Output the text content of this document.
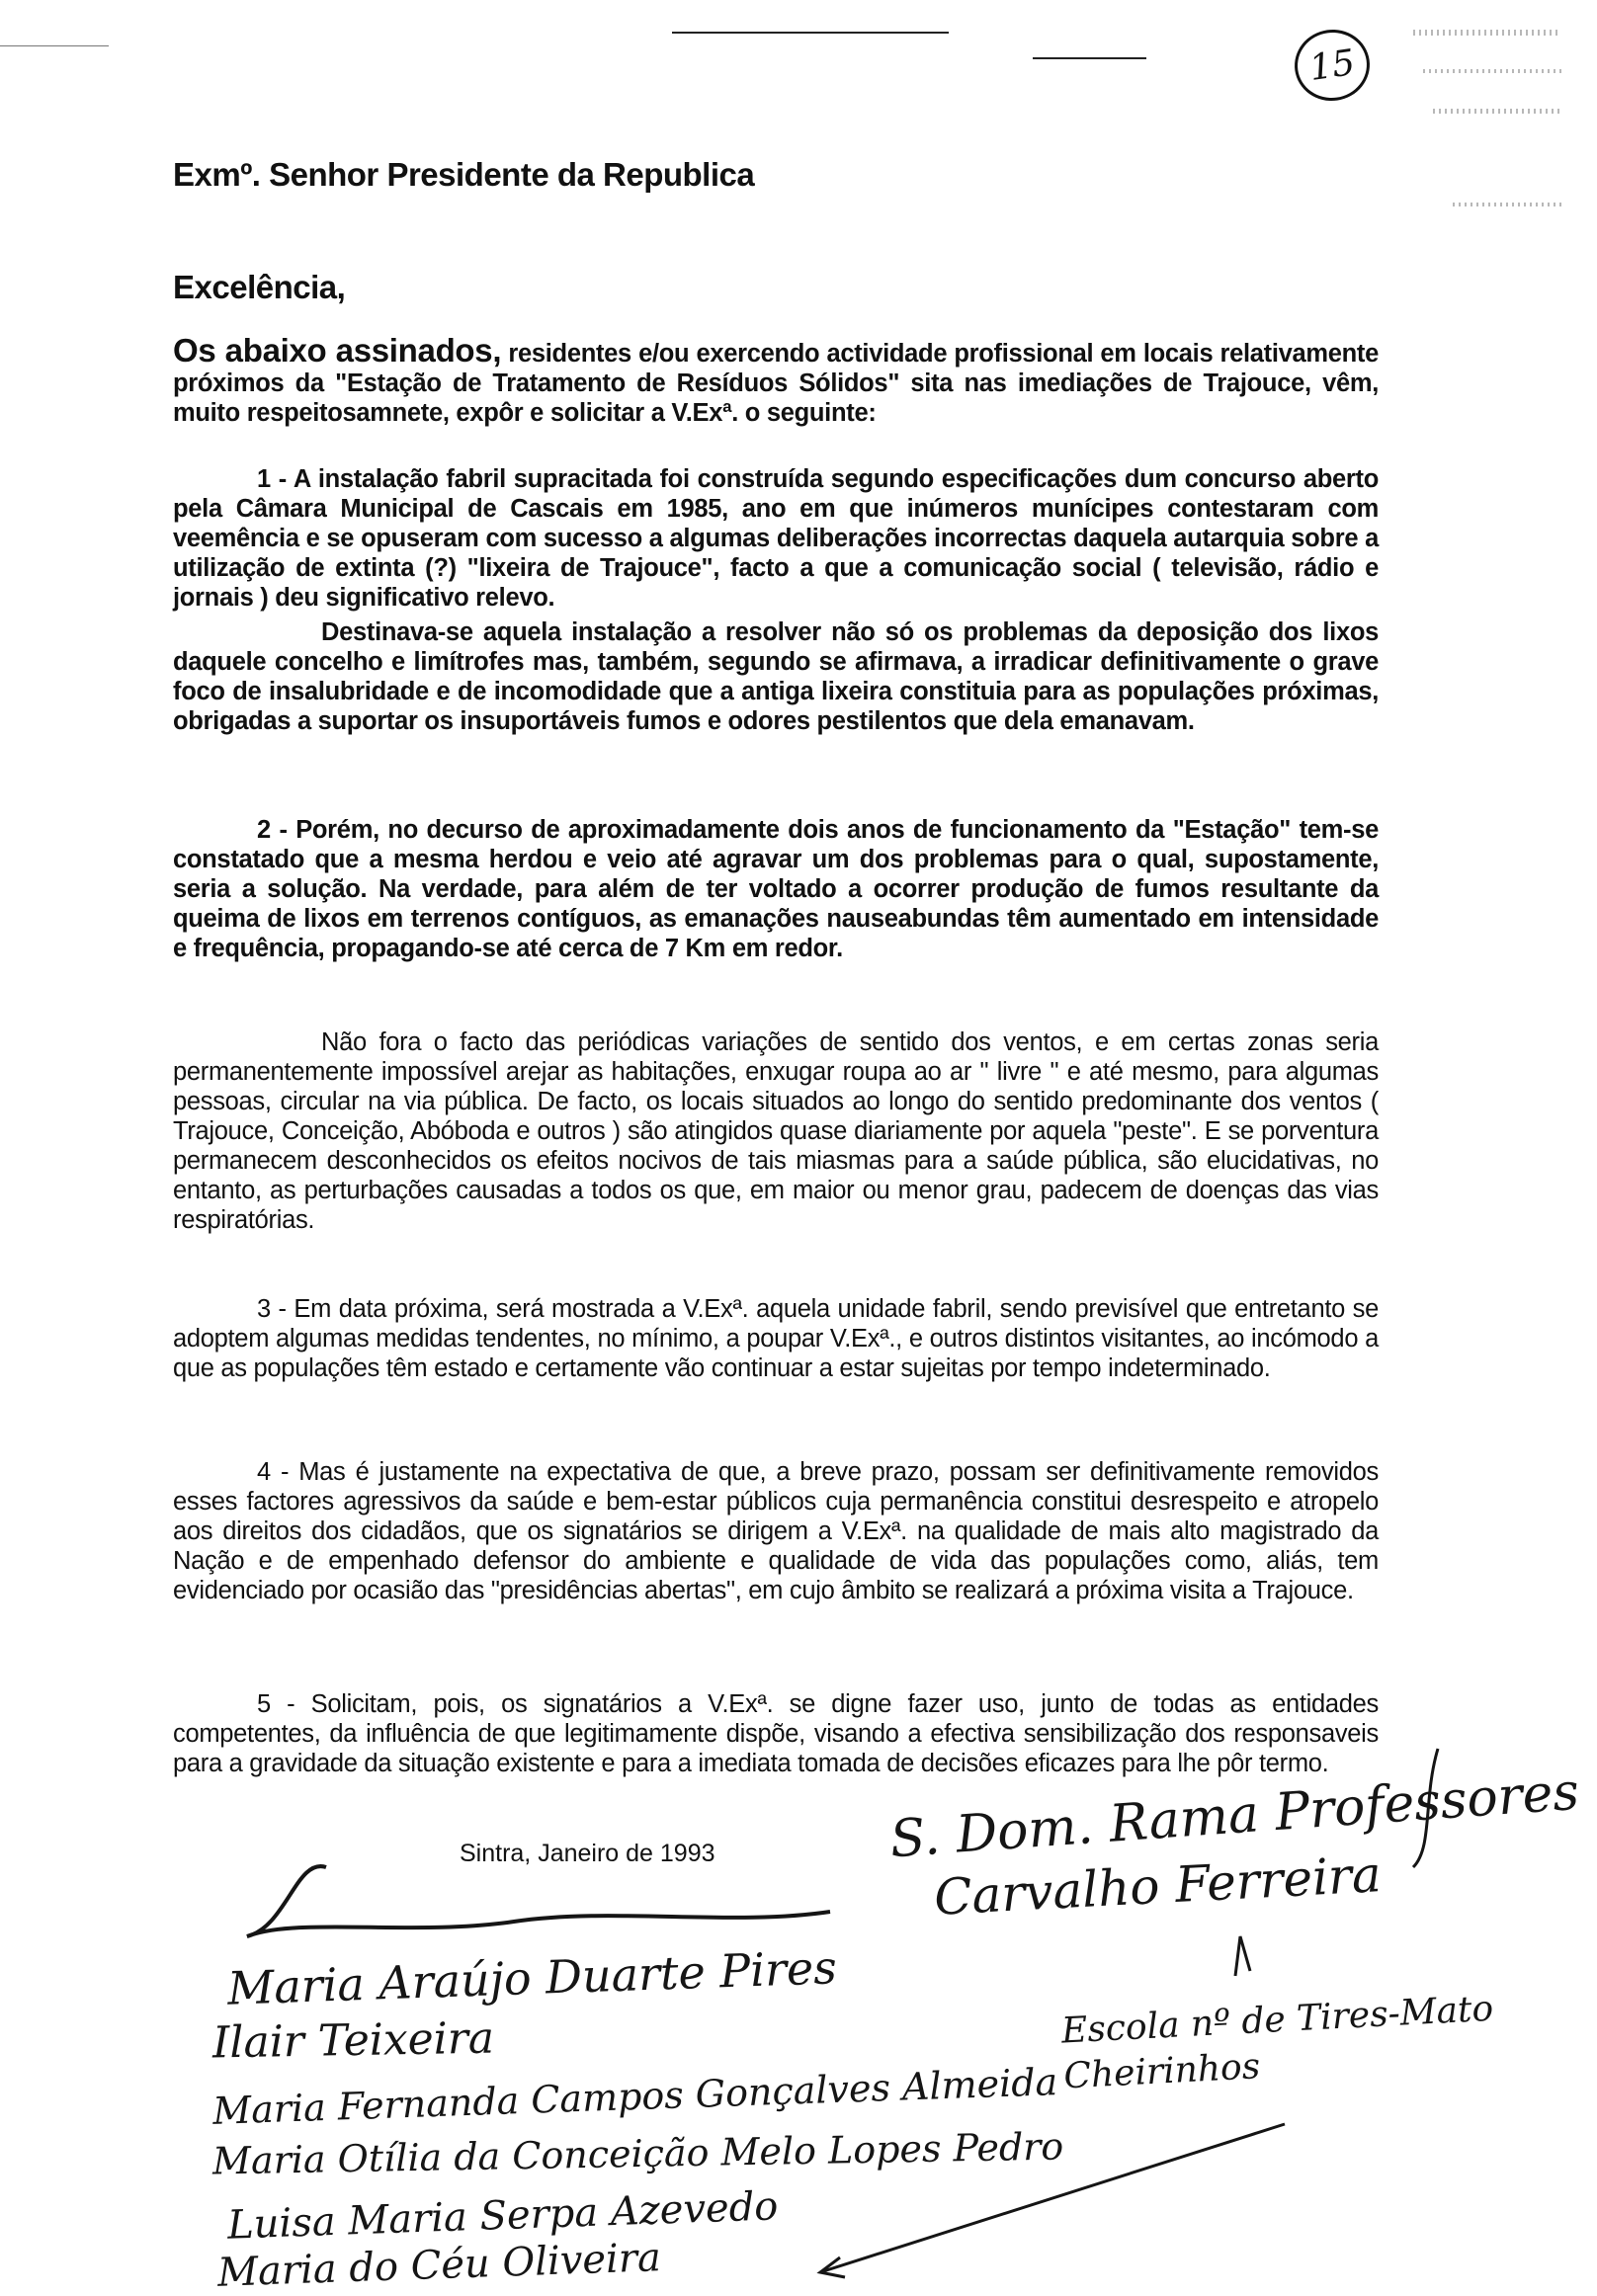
15
Exmº. Senhor Presidente da Republica
Excelência,
Os abaixo assinados, residentes e/ou exercendo actividade profissional em locais relativamente próximos da "Estação de Tratamento de Resíduos Sólidos" sita nas imediações de Trajouce, vêm, muito respeitosamnete, expôr e solicitar a V.Exª. o seguinte:
1 - A instalação fabril supracitada foi construída segundo especificações dum concurso aberto pela Câmara Municipal de Cascais em 1985, ano em que inúmeros munícipes contestaram com veemência e se opuseram com sucesso a algumas deliberações incorrectas daquela autarquia sobre a utilização de extinta (?) "lixeira de Trajouce", facto a que a comunicação social ( televisão, rádio e jornais ) deu significativo relevo.
Destinava-se aquela instalação a resolver não só os problemas da deposição dos lixos daquele concelho e limítrofes mas, também, segundo se afirmava, a irradicar definitivamente o grave foco de insalubridade e de incomodidade que a antiga lixeira constituia para as populações próximas, obrigadas a suportar os insuportáveis fumos e odores pestilentos que dela emanavam.
2 - Porém, no decurso de aproximadamente dois anos de funcionamento da "Estação" tem-se constatado que a mesma herdou e veio até agravar um dos problemas para o qual, supostamente, seria a solução. Na verdade, para além de ter voltado a ocorrer produção de fumos resultante da queima de lixos em terrenos contíguos, as emanações nauseabundas têm aumentado em intensidade e frequência, propagando-se até cerca de 7 Km em redor.
Não fora o facto das periódicas variações de sentido dos ventos, e em certas zonas seria permanentemente impossível arejar as habitações, enxugar roupa ao ar " livre " e até mesmo, para algumas pessoas, circular na via pública. De facto, os locais situados ao longo do sentido predominante dos ventos ( Trajouce, Conceição, Abóboda e outros ) são atingidos quase diariamente por aquela "peste". E se porventura permanecem desconhecidos os efeitos nocivos de tais miasmas para a saúde pública, são elucidativas, no entanto, as perturbações causadas a todos os que, em maior ou menor grau, padecem de doenças das vias respiratórias.
3 - Em data próxima, será mostrada a V.Exª. aquela unidade fabril, sendo previsível que entretanto se adoptem algumas medidas tendentes, no mínimo, a poupar V.Exª., e outros distintos visitantes, ao incómodo a que as populações têm estado e certamente vão continuar a estar sujeitas por tempo indeterminado.
4 - Mas é justamente na expectativa de que, a breve prazo, possam ser definitivamente removidos esses factores agressivos da saúde e bem-estar públicos cuja permanência constitui desrespeito e atropelo aos direitos dos cidadãos, que os signatários se dirigem a V.Exª. na qualidade de mais alto magistrado da Nação e de empenhado defensor do ambiente e qualidade de vida das populações como, aliás, tem evidenciado por ocasião das "presidências abertas", em cujo âmbito se realizará a próxima visita a Trajouce.
5 - Solicitam, pois, os signatários a V.Exª. se digne fazer uso, junto de todas as entidades competentes, da influência de que legitimamente dispõe, visando a efectiva sensibilização dos responsaveis para a gravidade da situação existente e para a imediata tomada de decisões eficazes para lhe pôr termo.
Sintra, Janeiro de 1993	S. Dom. Rama Professores
Carvalho Ferreira
Escola nº de Tires-Mato Cheirinhos
Maria Araújo Duarte Pires
Ilair Teixeira
Maria Fernanda Campos Gonçalves Almeida
Maria Otília da Conceição Melo Lopes Pedro
Luisa Maria Serpa Azevedo
Maria do Céu Oliveira
